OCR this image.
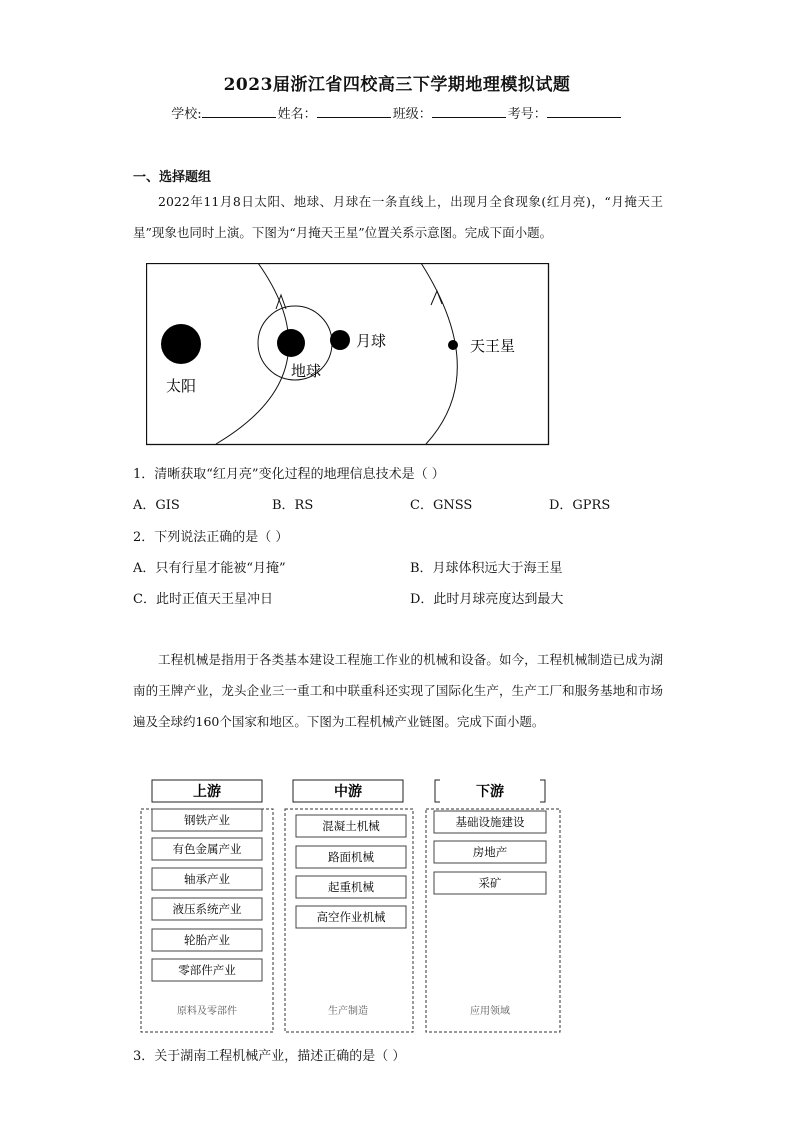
2023届浙江省四校高三下学期地理模拟试题
学校:	姓名：	班级：	考号：
一、选择题组
2022年11月8日太阳、地球、月球在一条直线上，出现月全食现象(红月亮)，“月掩天王星”现象也同时上演。下图为“月掩天王星”位置关系示意图。完成下面小题。
太阳
地球
月球	天王星
1．清晰获取“红月亮”变化过程的地理信息技术是（ ）
A．GIS	B．RS	C．GNSS	D．GPRS
2．下列说法正确的是（ ）
A．只有行星才能被“月掩”	B．月球体积远大于海王星
C．此时正值天王星冲日	D．此时月球亮度达到最大
工程机械是指用于各类基本建设工程施工作业的机械和设备。如今，工程机械制造已成为湖南的王牌产业，龙头企业三一重工和中联重科还实现了国际化生产，生产工厂和服务基地和市场遍及全球约160个国家和地区。下图为工程机械产业链图。完成下面小题。
上游
钢铁产业
有色金属产业
轴承产业
液压系统产业
轮胎产业
零部件产业
原料及零部件
中游
混凝土机械
路面机械
起重机械
高空作业机械
生产制造
下游
基础设施建设
房地产
采矿
应用领域
3．关于湖南工程机械产业，描述正确的是（ ）
